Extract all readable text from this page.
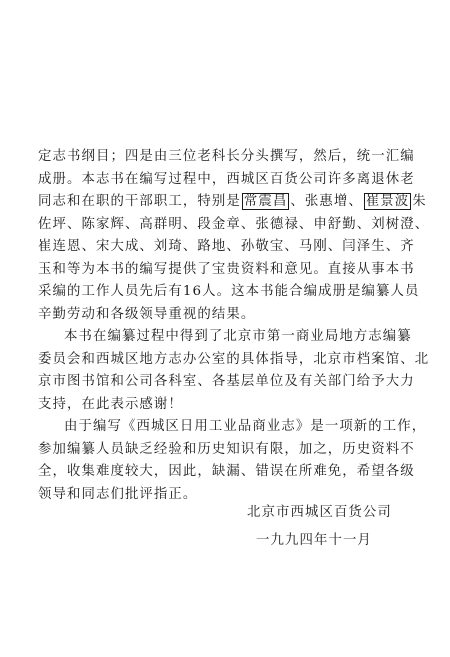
定志书纲目；四是由三位老科长分头撰写，然后，统一汇编
成册。本志书在编写过程中，西城区百货公司许多离退休老
同志和在职的干部职工，特别是 常震昌 、张惠增、 崔景波 朱
佐坪、陈家辉、高群明、段金章、张德禄、申舒勤、刘树澄、
崔连恩、宋大成、刘琦、路地、孙敬宝、马刚、闫泽生、齐
玉和等为本书的编写提供了宝贵资料和意见。直接从事本书
采编的工作人员先后有16人。这本书能合编成册是编纂人员
辛勤劳动和各级领导重视的结果。
本书在编纂过程中得到了北京市第一商业局地方志编纂
委员会和西城区地方志办公室的具体指导，北京市档案馆、北
京市图书馆和公司各科室、各基层单位及有关部门给予大力
支持，在此表示感谢！
由于编写《西城区日用工业品商业志》是一项新的工作，
参加编纂人员缺乏经验和历史知识有限，加之，历史资料不
全，收集难度较大，因此，缺漏、错误在所难免，希望各级
领导和同志们批评指正。
北京市西城区百货公司
一九九四年十一月
